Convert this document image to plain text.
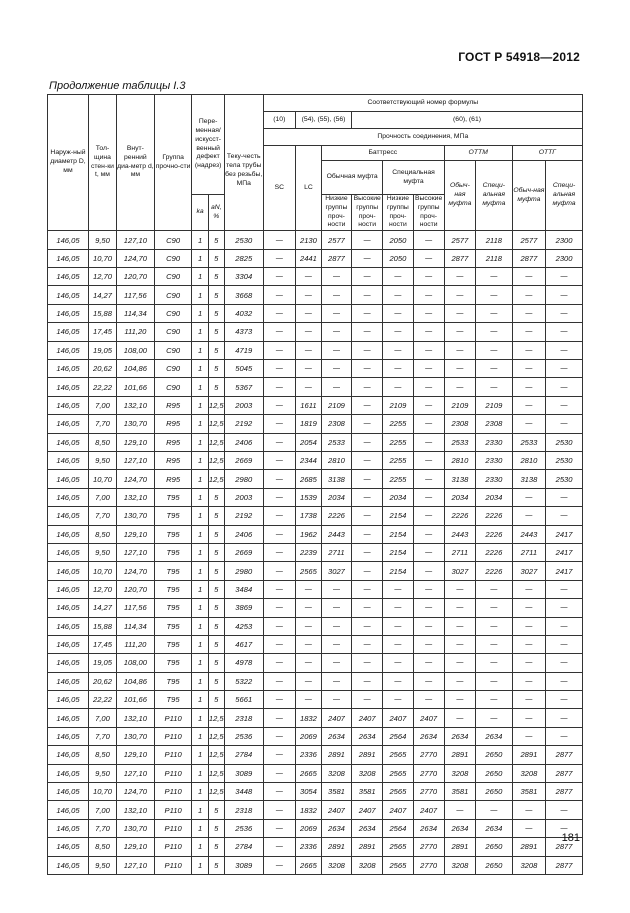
ГОСТ Р 54918—2012
Продолжение таблицы I.3
Наруж-ный диаметр D, мм	Тол-щина стен-ки t, мм	Внут-ренний диа-метр d, мм	Группа прочно-сти	Пере-менная/ искусст-венный дефект (надрез)			Соответствующий номер формулы									
						Теку-честь тела трубы без резьбы, МПа	(10)	(54), (55), (56)		(60), (61)						
							Прочность соединения, МПа									
							SC	LC	Баттресс				ОТТМ		ОТТГ	
									Обычная муфта		Специальная муфта		Обыч-ная муфта	Специ-альная муфта	Обыч-ная муфта	Специ-альная муфта
				ka	aN, %				Низкие группы проч-ности	Высокие группы проч-ности	Низкие группы проч-ности	Высокие группы проч-ности				
146,05	9,50	127,10	C90	1	5	2530	—	2130	2577	—	2050	—	2577	2118	2577	2300
146,05	10,70	124,70	C90	1	5	2825	—	2441	2877	—	2050	—	2877	2118	2877	2300
146,05	12,70	120,70	C90	1	5	3304	—	—	—	—	—	—	—	—	—	—
146,05	14,27	117,56	C90	1	5	3668	—	—	—	—	—	—	—	—	—	—
146,05	15,88	114,34	C90	1	5	4032	—	—	—	—	—	—	—	—	—	—
146,05	17,45	111,20	C90	1	5	4373	—	—	—	—	—	—	—	—	—	—
146,05	19,05	108,00	C90	1	5	4719	—	—	—	—	—	—	—	—	—	—
146,05	20,62	104,86	C90	1	5	5045	—	—	—	—	—	—	—	—	—	—
146,05	22,22	101,66	C90	1	5	5367	—	—	—	—	—	—	—	—	—	—
146,05	7,00	132,10	R95	1	12,5	2003	—	1611	2109	—	2109	—	2109	2109	—	—
146,05	7,70	130,70	R95	1	12,5	2192	—	1819	2308	—	2255	—	2308	2308	—	—
146,05	8,50	129,10	R95	1	12,5	2406	—	2054	2533	—	2255	—	2533	2330	2533	2530
146,05	9,50	127,10	R95	1	12,5	2669	—	2344	2810	—	2255	—	2810	2330	2810	2530
146,05	10,70	124,70	R95	1	12,5	2980	—	2685	3138	—	2255	—	3138	2330	3138	2530
146,05	7,00	132,10	T95	1	5	2003	—	1539	2034	—	2034	—	2034	2034	—	—
146,05	7,70	130,70	T95	1	5	2192	—	1738	2226	—	2154	—	2226	2226	—	—
146,05	8,50	129,10	T95	1	5	2406	—	1962	2443	—	2154	—	2443	2226	2443	2417
146,05	9,50	127,10	T95	1	5	2669	—	2239	2711	—	2154	—	2711	2226	2711	2417
146,05	10,70	124,70	T95	1	5	2980	—	2565	3027	—	2154	—	3027	2226	3027	2417
146,05	12,70	120,70	T95	1	5	3484	—	—	—	—	—	—	—	—	—	—
146,05	14,27	117,56	T95	1	5	3869	—	—	—	—	—	—	—	—	—	—
146,05	15,88	114,34	T95	1	5	4253	—	—	—	—	—	—	—	—	—	—
146,05	17,45	111,20	T95	1	5	4617	—	—	—	—	—	—	—	—	—	—
146,05	19,05	108,00	T95	1	5	4978	—	—	—	—	—	—	—	—	—	—
146,05	20,62	104,86	T95	1	5	5322	—	—	—	—	—	—	—	—	—	—
146,05	22,22	101,66	T95	1	5	5661	—	—	—	—	—	—	—	—	—	—
146,05	7,00	132,10	P110	1	12,5	2318	—	1832	2407	2407	2407	2407	—	—	—	—
146,05	7,70	130,70	P110	1	12,5	2536	—	2069	2634	2634	2564	2634	2634	2634	—	—
146,05	8,50	129,10	P110	1	12,5	2784	—	2336	2891	2891	2565	2770	2891	2650	2891	2877
146,05	9,50	127,10	P110	1	12,5	3089	—	2665	3208	3208	2565	2770	3208	2650	3208	2877
146,05	10,70	124,70	P110	1	12,5	3448	—	3054	3581	3581	2565	2770	3581	2650	3581	2877
146,05	7,00	132,10	P110	1	5	2318	—	1832	2407	2407	2407	2407	—	—	—	—
146,05	7,70	130,70	P110	1	5	2536	—	2069	2634	2634	2564	2634	2634	2634	—	—
146,05	8,50	129,10	P110	1	5	2784	—	2336	2891	2891	2565	2770	2891	2650	2891	2877
146,05	9,50	127,10	P110	1	5	3089	—	2665	3208	3208	2565	2770	3208	2650	3208	2877
181
